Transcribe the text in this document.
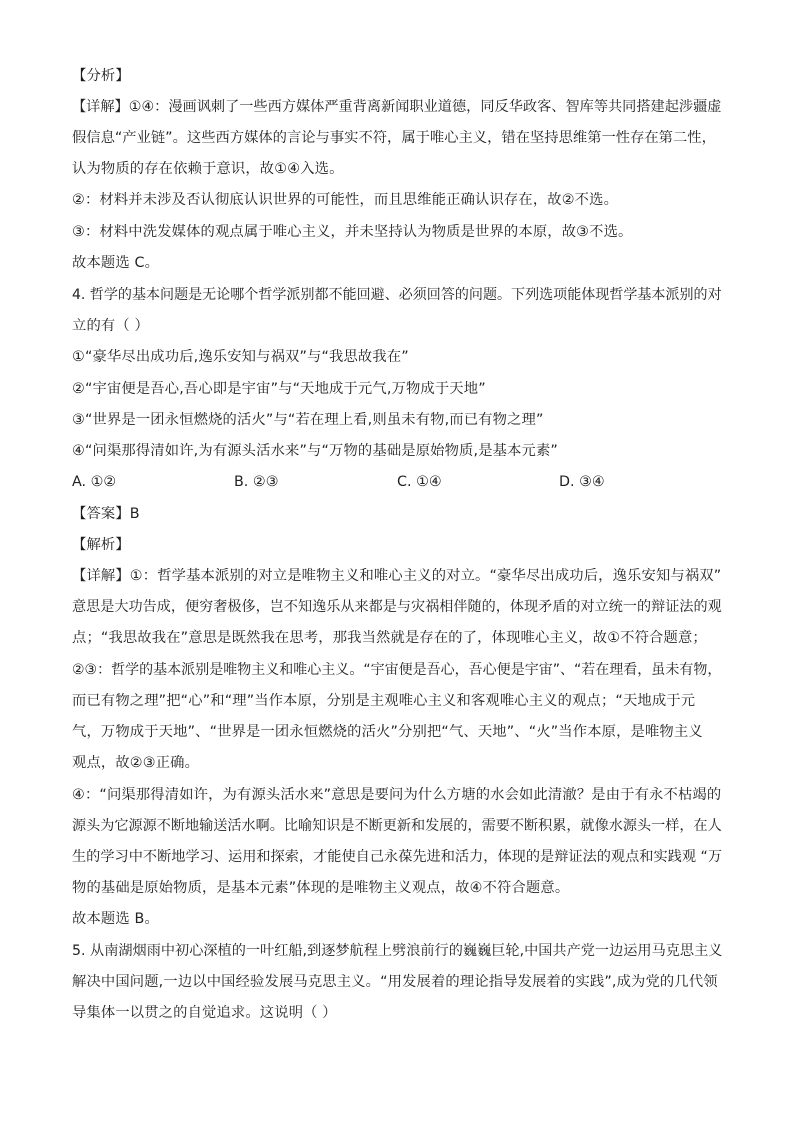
【分析】
【详解】①④：漫画讽刺了一些西方媒体严重背离新闻职业道德，同反华政客、智库等共同搭建起涉疆虚
假信息“产业链”。这些西方媒体的言论与事实不符，属于唯心主义，错在坚持思维第一性存在第二性，
认为物质的存在依赖于意识，故①④入选。
②：材料并未涉及否认彻底认识世界的可能性，而且思维能正确认识存在，故②不选。
③：材料中洗发媒体的观点属于唯心主义，并未坚持认为物质是世界的本原，故③不选。
故本题选 C。
4. 哲学的基本问题是无论哪个哲学派别都不能回避、必须回答的问题。下列选项能体现哲学基本派别的对
立的有（ ）
①“豪华尽出成功后,逸乐安知与祸双”与“我思故我在”
②“宇宙便是吾心,吾心即是宇宙”与“天地成于元气,万物成于天地”
③“世界是一团永恒燃烧的活火”与“若在理上看,则虽未有物,而已有物之理”
④“问渠那得清如许,为有源头活水来”与“万物的基础是原始物质,是基本元素”
A. ①②	B. ②③	C. ①④	D. ③④
【答案】B
【解析】
【详解】①：哲学基本派别的对立是唯物主义和唯心主义的对立。“豪华尽出成功后，逸乐安知与祸双”
意思是大功告成，便穷奢极侈，岂不知逸乐从来都是与灾祸相伴随的，体现矛盾的对立统一的辩证法的观
点；“我思故我在”意思是既然我在思考，那我当然就是存在的了，体现唯心主义，故①不符合题意；
②③：哲学的基本派别是唯物主义和唯心主义。“宇宙便是吾心，吾心便是宇宙”、“若在理看，虽未有物，
而已有物之理”把“心”和“理”当作本原，分别是主观唯心主义和客观唯心主义的观点；“天地成于元
气，万物成于天地”、“世界是一团永恒燃烧的活火”分别把“气、天地”、“火”当作本原，是唯物主义
观点，故②③正确。
④：“问渠那得清如许，为有源头活水来”意思是要问为什么方塘的水会如此清澈？是由于有永不枯竭的
源头为它源源不断地输送活水啊。比喻知识是不断更新和发展的，需要不断积累，就像水源头一样，在人
生的学习中不断地学习、运用和探索，才能使自己永葆先进和活力，体现的是辩证法的观点和实践观 “万
物的基础是原始物质，是基本元素”体现的是唯物主义观点，故④不符合题意。
故本题选 B。
5. 从南湖烟雨中初心深植的一叶红船,到逐梦航程上劈浪前行的巍巍巨轮,中国共产党一边运用马克思主义
解决中国问题,一边以中国经验发展马克思主义。“用发展着的理论指导发展着的实践”,成为党的几代领
导集体一以贯之的自觉追求。这说明（ ）
